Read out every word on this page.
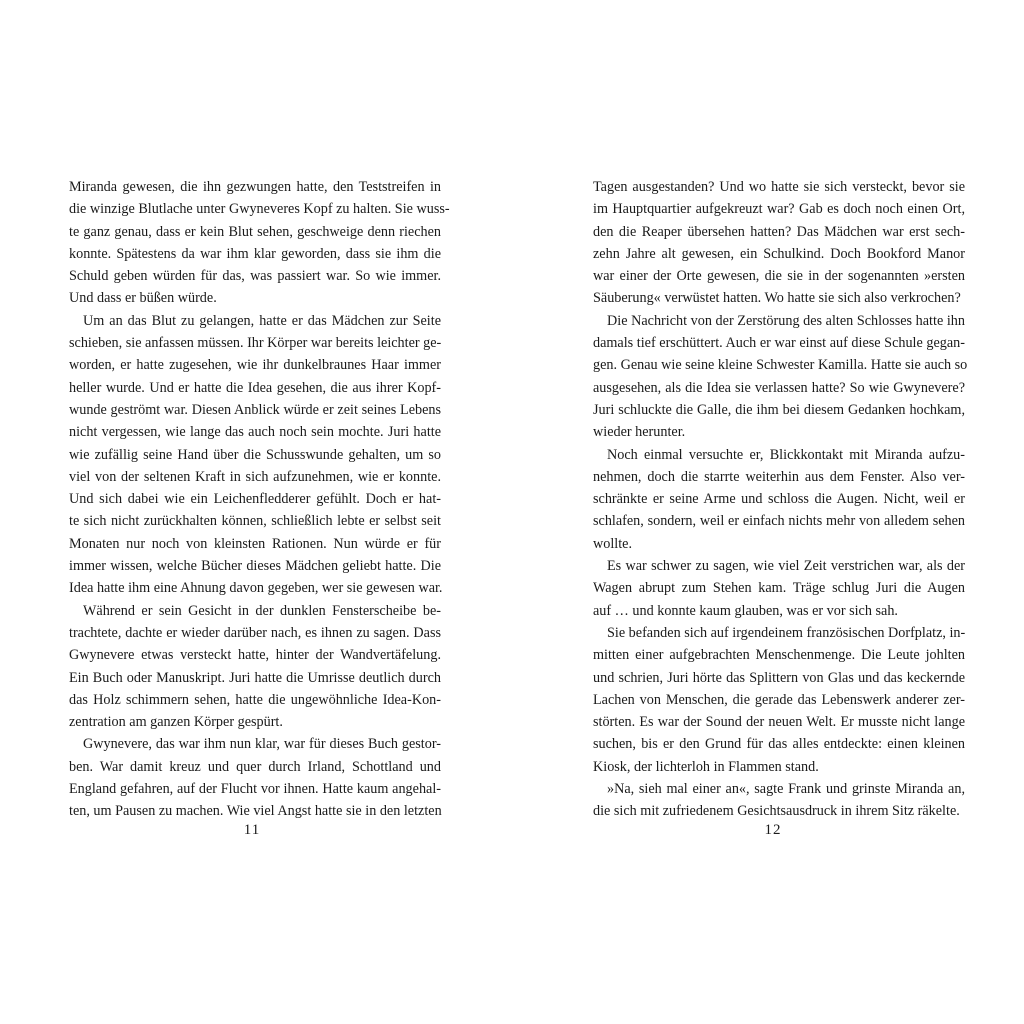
Miranda gewesen, die ihn gezwungen hatte, den Teststreifen in
die winzige Blutlache unter Gwyneveres Kopf zu halten. Sie wuss-
te ganz genau, dass er kein Blut sehen, geschweige denn riechen
konnte. Spätestens da war ihm klar geworden, dass sie ihm die
Schuld geben würden für das, was passiert war. So wie immer.
Und dass er büßen würde.
Um an das Blut zu gelangen, hatte er das Mädchen zur Seite
schieben, sie anfassen müssen. Ihr Körper war bereits leichter ge-
worden, er hatte zugesehen, wie ihr dunkelbraunes Haar immer
heller wurde. Und er hatte die Idea gesehen, die aus ihrer Kopf-
wunde geströmt war. Diesen Anblick würde er zeit seines Lebens
nicht vergessen, wie lange das auch noch sein mochte. Juri hatte
wie zufällig seine Hand über die Schusswunde gehalten, um so
viel von der seltenen Kraft in sich aufzunehmen, wie er konnte.
Und sich dabei wie ein Leichenfledderer gefühlt. Doch er hat-
te sich nicht zurückhalten können, schließlich lebte er selbst seit
Monaten nur noch von kleinsten Rationen. Nun würde er für
immer wissen, welche Bücher dieses Mädchen geliebt hatte. Die
Idea hatte ihm eine Ahnung davon gegeben, wer sie gewesen war.
Während er sein Gesicht in der dunklen Fensterscheibe be-
trachtete, dachte er wieder darüber nach, es ihnen zu sagen. Dass
Gwynevere etwas versteckt hatte, hinter der Wandvertäfelung.
Ein Buch oder Manuskript. Juri hatte die Umrisse deutlich durch
das Holz schimmern sehen, hatte die ungewöhnliche Idea-Kon-
zentration am ganzen Körper gespürt.
Gwynevere, das war ihm nun klar, war für dieses Buch gestor-
ben. War damit kreuz und quer durch Irland, Schottland und
England gefahren, auf der Flucht vor ihnen. Hatte kaum angehal-
ten, um Pausen zu machen. Wie viel Angst hatte sie in den letzten
11
Tagen ausgestanden? Und wo hatte sie sich versteckt, bevor sie
im Hauptquartier aufgekreuzt war? Gab es doch noch einen Ort,
den die Reaper übersehen hatten? Das Mädchen war erst sech-
zehn Jahre alt gewesen, ein Schulkind. Doch Bookford Manor
war einer der Orte gewesen, die sie in der sogenannten »ersten
Säuberung« verwüstet hatten. Wo hatte sie sich also verkrochen?
Die Nachricht von der Zerstörung des alten Schlosses hatte ihn
damals tief erschüttert. Auch er war einst auf diese Schule gegan-
gen. Genau wie seine kleine Schwester Kamilla. Hatte sie auch so
ausgesehen, als die Idea sie verlassen hatte? So wie Gwynevere?
Juri schluckte die Galle, die ihm bei diesem Gedanken hochkam,
wieder herunter.
Noch einmal versuchte er, Blickkontakt mit Miranda aufzu-
nehmen, doch die starrte weiterhin aus dem Fenster. Also ver-
schränkte er seine Arme und schloss die Augen. Nicht, weil er
schlafen, sondern, weil er einfach nichts mehr von alledem sehen
wollte.
Es war schwer zu sagen, wie viel Zeit verstrichen war, als der
Wagen abrupt zum Stehen kam. Träge schlug Juri die Augen
auf … und konnte kaum glauben, was er vor sich sah.
Sie befanden sich auf irgendeinem französischen Dorfplatz, in-
mitten einer aufgebrachten Menschenmenge. Die Leute johlten
und schrien, Juri hörte das Splittern von Glas und das keckernde
Lachen von Menschen, die gerade das Lebenswerk anderer zer-
störten. Es war der Sound der neuen Welt. Er musste nicht lange
suchen, bis er den Grund für das alles entdeckte: einen kleinen
Kiosk, der lichterloh in Flammen stand.
»Na, sieh mal einer an«, sagte Frank und grinste Miranda an,
die sich mit zufriedenem Gesichtsausdruck in ihrem Sitz räkelte.
12
